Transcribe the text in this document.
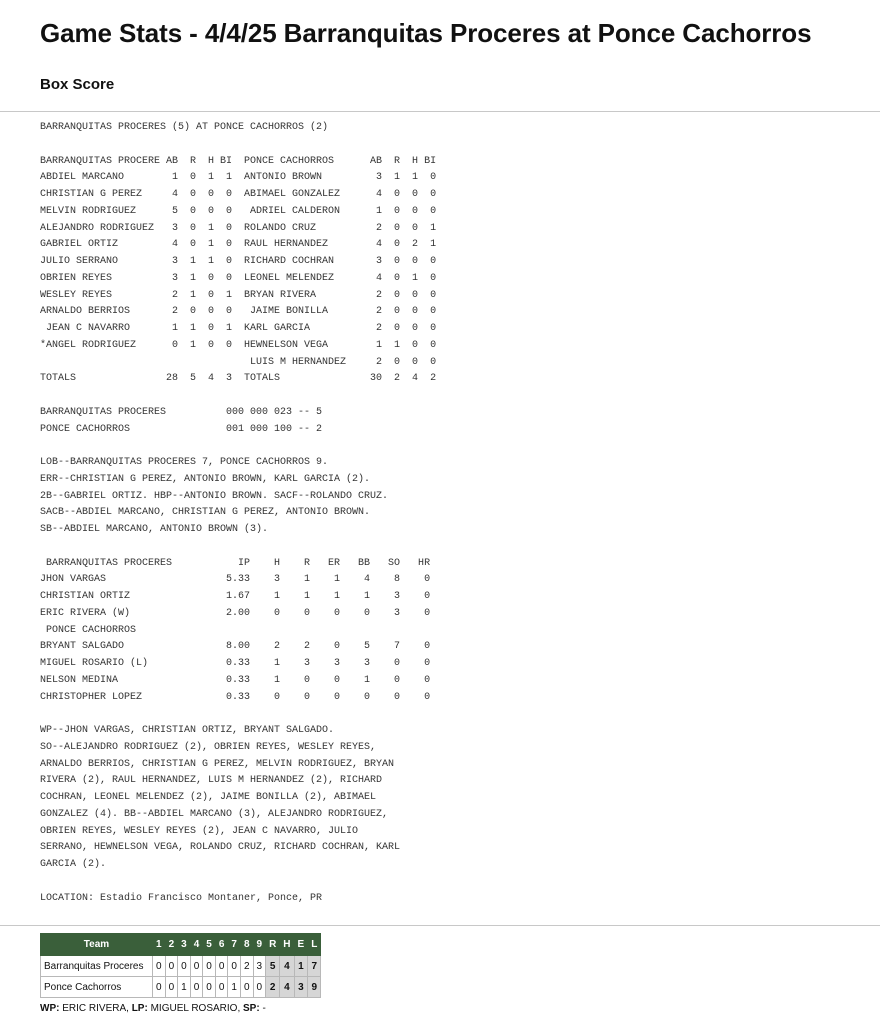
Game Stats - 4/4/25 Barranquitas Proceres at Ponce Cachorros
Box Score
BARRANQUITAS PROCERES (5) AT PONCE CACHORROS (2)
BARRANQUITAS PROCERE AB  R  H BI  PONCE CACHORROS      AB  R  H BI
ABDIEL MARCANO        1  0  1  1  ANTONIO BROWN         3  1  1  0
CHRISTIAN G PEREZ     4  0  0  0  ABIMAEL GONZALEZ      4  0  0  0
MELVIN RODRIGUEZ      5  0  0  0   ADRIEL CALDERON      1  0  0  0
ALEJANDRO RODRIGUEZ   3  0  1  0  ROLANDO CRUZ          2  0  0  1
GABRIEL ORTIZ         4  0  1  0  RAUL HERNANDEZ        4  0  2  1
JULIO SERRANO         3  1  1  0  RICHARD COCHRAN       3  0  0  0
OBRIEN REYES          3  1  0  0  LEONEL MELENDEZ       4  0  1  0
WESLEY REYES          2  1  0  1  BRYAN RIVERA          2  0  0  0
ARNALDO BERRIOS       2  0  0  0   JAIME BONILLA        2  0  0  0
JEAN C NAVARRO       1  1  0  1  KARL GARCIA           2  0  0  0
*ANGEL RODRIGUEZ      0  1  0  0  HEWNELSON VEGA        1  1  0  0
LUIS M HERNANDEZ     2  0  0  0
TOTALS               28  5  4  3  TOTALS               30  2  4  2
BARRANQUITAS PROCERES          000 000 023 -- 5
PONCE CACHORROS                001 000 100 -- 2
LOB--BARRANQUITAS PROCERES 7, PONCE CACHORROS 9.
ERR--CHRISTIAN G PEREZ, ANTONIO BROWN, KARL GARCIA (2).
2B--GABRIEL ORTIZ. HBP--ANTONIO BROWN. SACF--ROLANDO CRUZ.
SACB--ABDIEL MARCANO, CHRISTIAN G PEREZ, ANTONIO BROWN.
SB--ABDIEL MARCANO, ANTONIO BROWN (3).
BARRANQUITAS PROCERES           IP    H    R   ER   BB   SO   HR
JHON VARGAS                    5.33    3    1    1    4    8    0
CHRISTIAN ORTIZ                1.67    1    1    1    1    3    0
ERIC RIVERA (W)                2.00    0    0    0    0    3    0
PONCE CACHORROS
BRYANT SALGADO                 8.00    2    2    0    5    7    0
MIGUEL ROSARIO (L)             0.33    1    3    3    3    0    0
NELSON MEDINA                  0.33    1    0    0    1    0    0
CHRISTOPHER LOPEZ              0.33    0    0    0    0    0    0
WP--JHON VARGAS, CHRISTIAN ORTIZ, BRYANT SALGADO.
SO--ALEJANDRO RODRIGUEZ (2), OBRIEN REYES, WESLEY REYES,
ARNALDO BERRIOS, CHRISTIAN G PEREZ, MELVIN RODRIGUEZ, BRYAN
RIVERA (2), RAUL HERNANDEZ, LUIS M HERNANDEZ (2), RICHARD
COCHRAN, LEONEL MELENDEZ (2), JAIME BONILLA (2), ABIMAEL
GONZALEZ (4). BB--ABDIEL MARCANO (3), ALEJANDRO RODRIGUEZ,
OBRIEN REYES, WESLEY REYES (2), JEAN C NAVARRO, JULIO
SERRANO, HEWNELSON VEGA, ROLANDO CRUZ, RICHARD COCHRAN, KARL
GARCIA (2).
LOCATION: Estadio Francisco Montaner, Ponce, PR
Team	1	2	3	4	5	6	7	8	9	R	H	E	L
Barranquitas Proceres	0	0	0	0	0	0	0	2	3	5	4	1	7
Ponce Cachorros	0	0	1	0	0	0	1	0	0	2	4	3	9
WP: ERIC RIVERA, LP: MIGUEL ROSARIO, SP: -
